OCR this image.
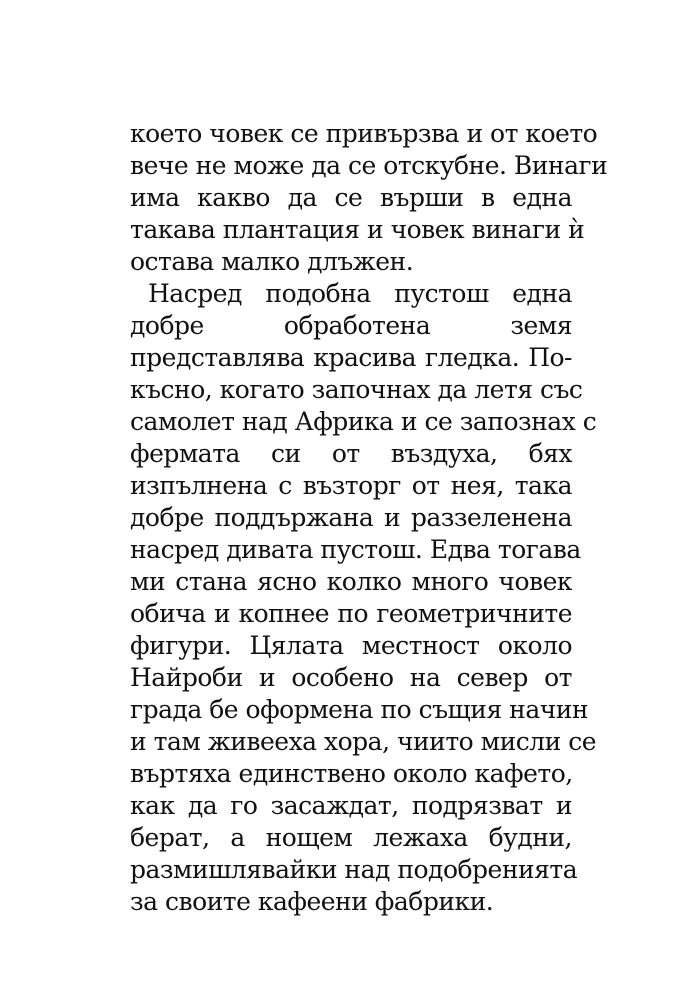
което човек се привързва и от което
вече не може да се отскубне. Винаги
има какво да се върши в една
такава плантация и човек винаги ѝ
остава малко длъжен.
Насред подобна пустош една
добре обработена земя
представлява красива гледка. По-
късно, когато започнах да летя със
самолет над Африка и се запознах с
фермата си от въздуха, бях
изпълнена с възторг от нея, така
добре поддържана и раззеленена
насред дивата пустош. Едва тогава
ми стана ясно колко много човек
обича и копнее по геометричните
фигури. Цялата местност около
Найроби и особено на север от
града бе оформена по същия начин
и там живееха хора, чиито мисли се
въртяха единствено около кафето,
как да го засаждат, подрязват и
берат, а нощем лежаха будни,
размишлявайки над подобренията
за своите кафеени фабрики.
